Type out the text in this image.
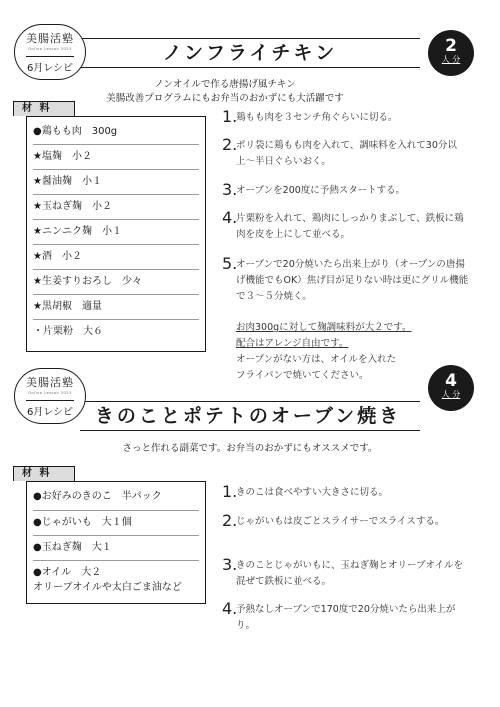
美腸活塾
Online Lesson 2023
6月レシピ
ノンフライチキン	2
人 分
ノンオイルで作る唐揚げ風チキン
美腸改善プログラムにもお弁当のおかずにも大活躍です
材 料
●鶏もも肉　300g
★塩麹　小２
★醤油麹　小１
★玉ねぎ麹　小２
★ニンニク麹　小１
★酒　小２
★生姜すりおろし　少々
★黒胡椒　適量
・片栗粉　大６
1.
鶏もも肉を３センチ角ぐらいに切る。
2.
ポリ袋に鶏もも肉を入れて、調味料を入れて30分以上〜半日ぐらいおく。
3.
オーブンを200度に予熱スタートする。
4.
片栗粉を入れて、鶏肉にしっかりまぶして、鉄板に鶏肉を皮を上にして並べる。
5.
オーブンで20分焼いたら出来上がり（オーブンの唐揚げ機能でもOK）焦げ目が足りない時は更にグリル機能で３〜５分焼く。
お肉300gに対して麹調味料が大２です。
配合はアレンジ自由です。
オーブンがない方は、オイルを入れた
フライパンで焼いてください。
美腸活塾
Online Lesson 2023
6月レシピ	きのことポテトのオーブン焼き
4
人 分
さっと作れる副菜です。お弁当のおかずにもオススメです。
材 料
●お好みのきのこ　半パック
●じゃがいも　大１個
●玉ねぎ麹　大１
●オイル　大２
オリーブオイルや太白ごま油など
1.
きのこは食べやすい大きさに切る。
2.
じゃがいもは皮ごとスライサーでスライスする。
3.
きのことじゃがいもに、玉ねぎ麹とオリーブオイルを混ぜて鉄板に並べる。
4.
予熱なしオーブンで170度で20分焼いたら出来上がり。
